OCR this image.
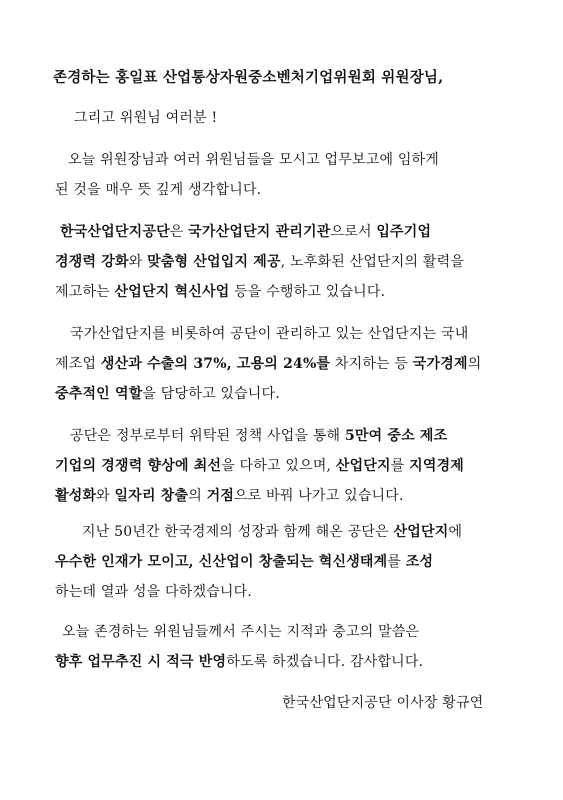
존경하는 홍일표 산업통상자원중소벤처기업위원회 위원장님,
그리고 위원님 여러분 !
오늘 위원장님과 여러 위원님들을 모시고 업무보고에 임하게
된 것을 매우 뜻 깊게 생각합니다.
한국산업단지공단은 국가산업단지 관리기관으로서 입주기업
경쟁력 강화와 맞춤형 산업입지 제공, 노후화된 산업단지의 활력을
제고하는 산업단지 혁신사업 등을 수행하고 있습니다.
국가산업단지를 비롯하여 공단이 관리하고 있는 산업단지는 국내
제조업 생산과 수출의 37%, 고용의 24%를 차지하는 등 국가경제의
중추적인 역할을 담당하고 있습니다.
공단은 정부로부터 위탁된 정책 사업을 통해 5만여 중소 제조
기업의 경쟁력 향상에 최선을 다하고 있으며, 산업단지를 지역경제
활성화와 일자리 창출의 거점으로 바꿔 나가고 있습니다.
지난 50년간 한국경제의 성장과 함께 해온 공단은 산업단지에
우수한 인재가 모이고, 신산업이 창출되는 혁신생태계를 조성
하는데 열과 성을 다하겠습니다.
오늘 존경하는 위원님들께서 주시는 지적과 충고의 말씀은
향후 업무추진 시 적극 반영하도록 하겠습니다. 감사합니다.
한국산업단지공단 이사장 황규연
